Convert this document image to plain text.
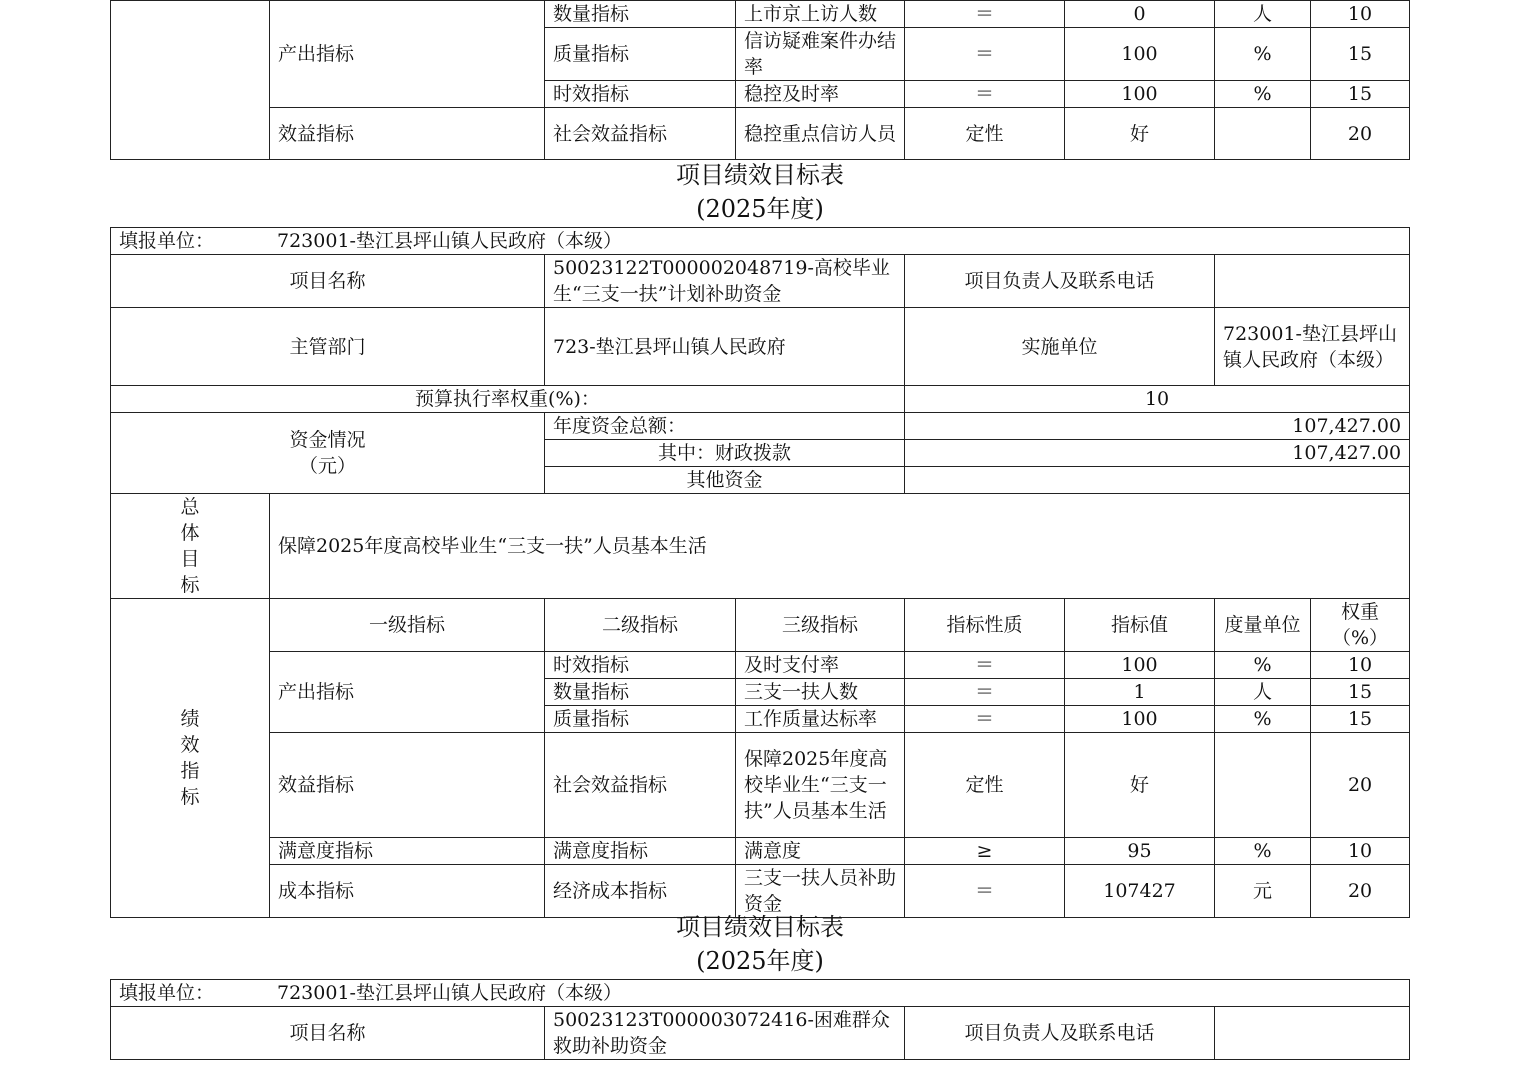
	产出指标	数量指标	上市京上访人数	＝	0	人	10
		质量指标	信访疑难案件办结率	＝	100	%	15
		时效指标	稳控及时率	＝	100	%	15
	效益指标	社会效益指标	稳控重点信访人员	定性	好		20
项目绩效目标表
(2025年度)
填报单位： 723001-垫江县坪山镇人民政府（本级）							
项目名称		50023122T000002048719-高校毕业生“三支一扶”计划补助资金		项目负责人及联系电话			
主管部门		723-垫江县坪山镇人民政府		实施单位		723001-垫江县坪山镇人民政府（本级）	
预算执行率权重(%)：				10			

资金情况
（元）		年度资金总额：		107,427.00			
		其中：财政拨款		107,427.00			
		其他资金					

总
体
目
标	保障2025年度高校毕业生“三支一扶”人员基本生活						

绩
效
指
标	一级指标	二级指标	三级指标	指标性质	指标值	度量单位	权重（%）
	产出指标	时效指标	及时支付率	＝	100	%	10
		数量指标	三支一扶人数	＝	1	人	15
		质量指标	工作质量达标率	＝	100	%	15
	效益指标	社会效益指标	保障2025年度高校毕业生“三支一扶”人员基本生活	定性	好		20
	满意度指标	满意度指标	满意度	≥	95	%	10
	成本指标	经济成本指标	三支一扶人员补助资金	＝	107427	元	20
项目绩效目标表
(2025年度)
填报单位：	723001-垫江县坪山镇人民政府（本级）
项目名称	50023123T000003072416-困难群众救助补助资金	项目负责人及联系电话	
